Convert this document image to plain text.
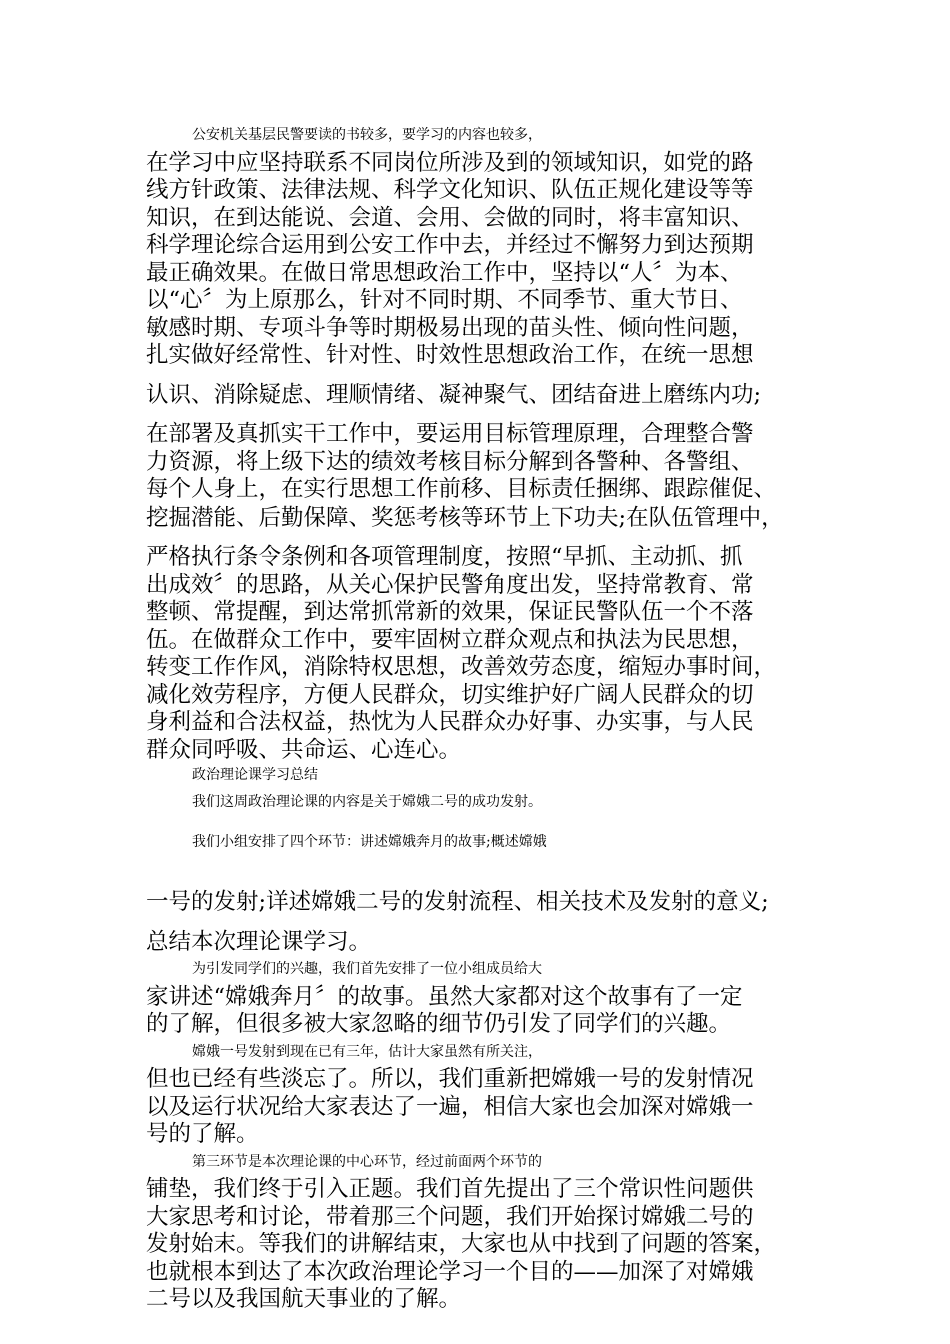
公安机关基层民警要读的书较多，要学习的内容也较多，
在学习中应坚持联系不同岗位所涉及到的领域知识，如党的路
线方针政策、法律法规、科学文化知识、队伍正规化建设等等
知识，在到达能说、会道、会用、会做的同时，将丰富知识、
科学理论综合运用到公安工作中去，并经过不懈努力到达预期
最正确效果。在做日常思想政治工作中，坚持以“人〞为本、
以“心〞为上原那么，针对不同时期、不同季节、重大节日、
敏感时期、专项斗争等时期极易出现的苗头性、倾向性问题，
扎实做好经常性、针对性、时效性思想政治工作，在统一思想
认识、消除疑虑、理顺情绪、凝神聚气、团结奋进上磨练内功;
在部署及真抓实干工作中，要运用目标管理原理，合理整合警
力资源，将上级下达的绩效考核目标分解到各警种、各警组、
每个人身上，在实行思想工作前移、目标责任捆绑、跟踪催促、
挖掘潜能、后勤保障、奖惩考核等环节上下功夫;在队伍管理中，
严格执行条令条例和各项管理制度，按照“早抓、主动抓、抓
出成效〞的思路，从关心保护民警角度出发，坚持常教育、常
整顿、常提醒，到达常抓常新的效果，保证民警队伍一个不落
伍。在做群众工作中，要牢固树立群众观点和执法为民思想，
转变工作作风，消除特权思想，改善效劳态度，缩短办事时间，
减化效劳程序，方便人民群众，切实维护好广阔人民群众的切
身利益和合法权益，热忱为人民群众办好事、办实事，与人民
群众同呼吸、共命运、心连心。
政治理论课学习总结
我们这周政治理论课的内容是关于嫦娥二号的成功发射。
我们小组安排了四个环节：讲述嫦娥奔月的故事;概述嫦娥
一号的发射;详述嫦娥二号的发射流程、相关技术及发射的意义;
总结本次理论课学习。
为引发同学们的兴趣，我们首先安排了一位小组成员给大
家讲述“嫦娥奔月〞的故事。虽然大家都对这个故事有了一定
的了解，但很多被大家忽略的细节仍引发了同学们的兴趣。
嫦娥一号发射到现在已有三年，估计大家虽然有所关注，
但也已经有些淡忘了。所以，我们重新把嫦娥一号的发射情况
以及运行状况给大家表达了一遍，相信大家也会加深对嫦娥一
号的了解。
第三环节是本次理论课的中心环节，经过前面两个环节的
铺垫，我们终于引入正题。我们首先提出了三个常识性问题供
大家思考和讨论，带着那三个问题，我们开始探讨嫦娥二号的
发射始末。等我们的讲解结束，大家也从中找到了问题的答案，
也就根本到达了本次政治理论学习一个目的——加深了对嫦娥
二号以及我国航天事业的了解。
